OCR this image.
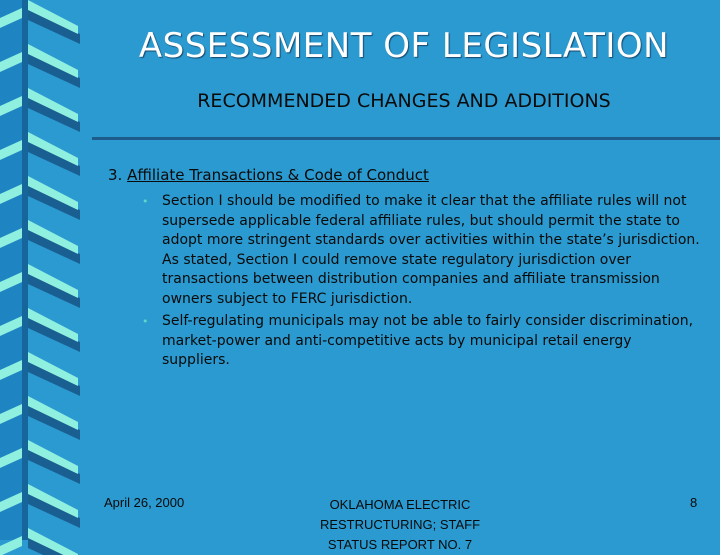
ASSESSMENT OF LEGISLATION
RECOMMENDED CHANGES AND ADDITIONS
3. Affiliate Transactions & Code of Conduct
• Section I should be modified to make it clear that the affiliate rules will not supersede applicable federal affiliate rules, but should permit the state to adopt more stringent standards over activities within the state’s jurisdiction. As stated, Section I could remove state regulatory jurisdiction over transactions between distribution companies and affiliate transmission owners subject to FERC jurisdiction.
• Self-regulating municipals may not be able to fairly consider discrimination, market-power and anti-competitive acts by municipal retail energy suppliers.
April 26, 2000	OKLAHOMA ELECTRIC
RESTRUCTURING; STAFF
STATUS REPORT NO. 7
8
